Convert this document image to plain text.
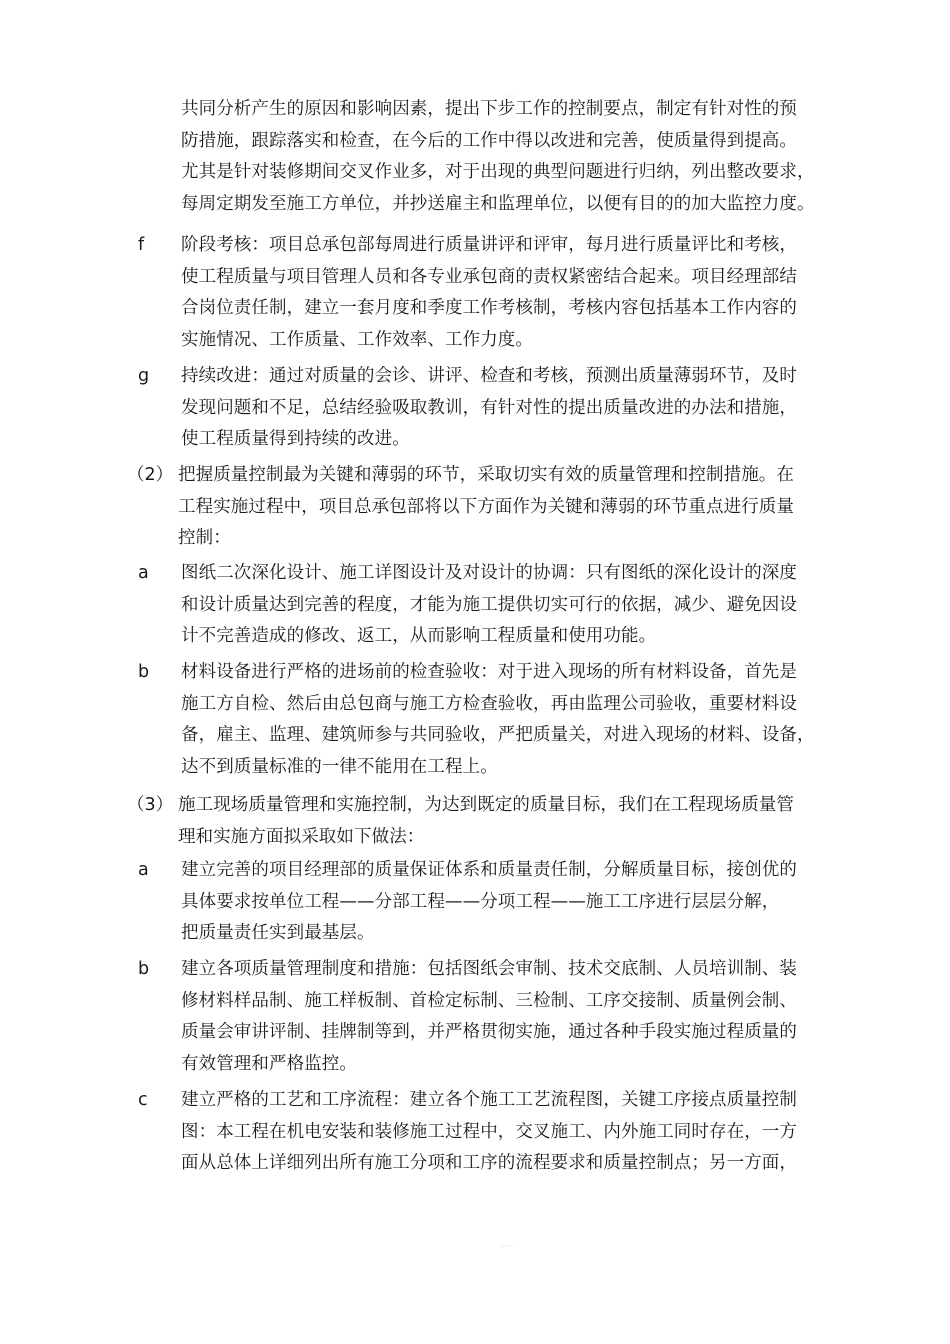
····
共同分析产生的原因和影响因素，提出下步工作的控制要点，制定有针对性的预
防措施，跟踪落实和检查，在今后的工作中得以改进和完善，使质量得到提高。
尤其是针对装修期间交叉作业多，对于出现的典型问题进行归纳，列出整改要求，
每周定期发至施工方单位，并抄送雇主和监理单位，以便有目的的加大监控力度。
f 阶段考核：项目总承包部每周进行质量讲评和评审，每月进行质量评比和考核，
使工程质量与项目管理人员和各专业承包商的责权紧密结合起来。项目经理部结
合岗位责任制，建立一套月度和季度工作考核制，考核内容包括基本工作内容的
实施情况、工作质量、工作效率、工作力度。
g 持续改进：通过对质量的会诊、讲评、检查和考核，预测出质量薄弱环节，及时
发现问题和不足，总结经验吸取教训，有针对性的提出质量改进的办法和措施，
使工程质量得到持续的改进。
（2） 把握质量控制最为关键和薄弱的环节，采取切实有效的质量管理和控制措施。在
工程实施过程中，项目总承包部将以下方面作为关键和薄弱的环节重点进行质量
控制：
a 图纸二次深化设计、施工详图设计及对设计的协调：只有图纸的深化设计的深度
和设计质量达到完善的程度，才能为施工提供切实可行的依据，减少、避免因设
计不完善造成的修改、返工，从而影响工程质量和使用功能。
b 材料设备进行严格的进场前的检查验收：对于进入现场的所有材料设备，首先是
施工方自检、然后由总包商与施工方检查验收，再由监理公司验收，重要材料设
备，雇主、监理、建筑师参与共同验收，严把质量关，对进入现场的材料、设备，
达不到质量标准的一律不能用在工程上。
（3） 施工现场质量管理和实施控制，为达到既定的质量目标，我们在工程现场质量管
理和实施方面拟采取如下做法：
a 建立完善的项目经理部的质量保证体系和质量责任制，分解质量目标，接创优的
具体要求按单位工程——分部工程——分项工程——施工工序进行层层分解，
把质量责任实到最基层。
b 建立各项质量管理制度和措施：包括图纸会审制、技术交底制、人员培训制、装
修材料样品制、施工样板制、首检定标制、三检制、工序交接制、质量例会制、
质量会审讲评制、挂牌制等到，并严格贯彻实施，通过各种手段实施过程质量的
有效管理和严格监控。
c 建立严格的工艺和工序流程：建立各个施工工艺流程图，关键工序接点质量控制
图：本工程在机电安装和装修施工过程中，交叉施工、内外施工同时存在，一方
面从总体上详细列出所有施工分项和工序的流程要求和质量控制点；另一方面，
······
